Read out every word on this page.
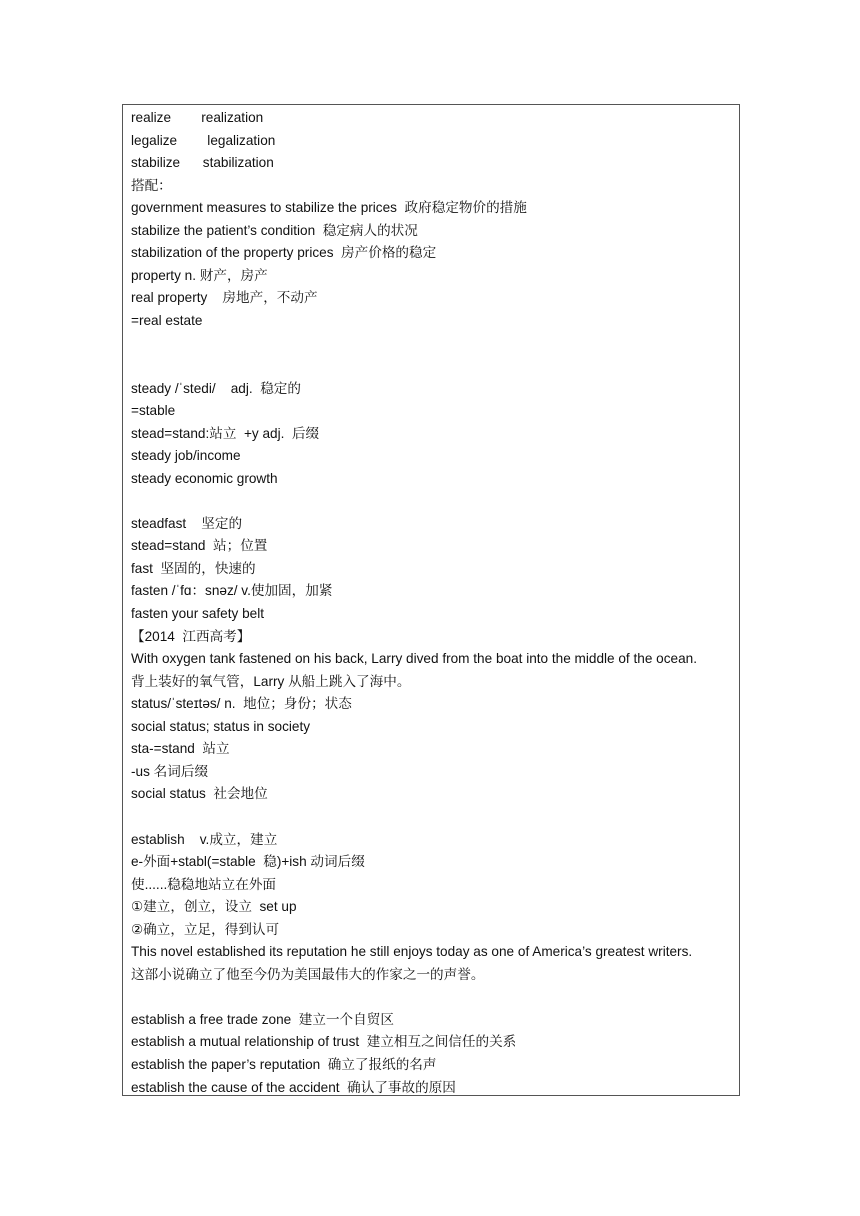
realize        realization
legalize        legalization
stabilize      stabilization
搭配：
government measures to stabilize the prices  政府稳定物价的措施
stabilize the patient’s condition  稳定病人的状况
stabilization of the property prices  房产价格的稳定
property n. 财产，房产
real property    房地产，不动产
=real estate
steady /ˈstedi/    adj.  稳定的
=stable
stead=stand:站立  +y adj.  后缀
steady job/income
steady economic growth
steadfast    坚定的
stead=stand  站；位置
fast  坚固的，快速的
fasten /ˈfɑ：snəz/ v.使加固，加紧
fasten your safety belt
【2014  江西高考】
With oxygen tank fastened on his back, Larry dived from the boat into the middle of the ocean.
背上装好的氧气管，Larry 从船上跳入了海中。
status/ˈsteɪtəs/ n.  地位；身份；状态
social status; status in society
sta-=stand  站立
-us 名词后缀
social status  社会地位
establish    v.成立，建立
e-外面+stabl(=stable  稳)+ish 动词后缀
使......稳稳地站立在外面
①建立，创立，设立  set up
②确立，立足，得到认可
This novel established its reputation he still enjoys today as one of America’s greatest writers.
这部小说确立了他至今仍为美国最伟大的作家之一的声誉。
establish a free trade zone  建立一个自贸区
establish a mutual relationship of trust  建立相互之间信任的关系
establish the paper’s reputation  确立了报纸的名声
establish the cause of the accident  确认了事故的原因
